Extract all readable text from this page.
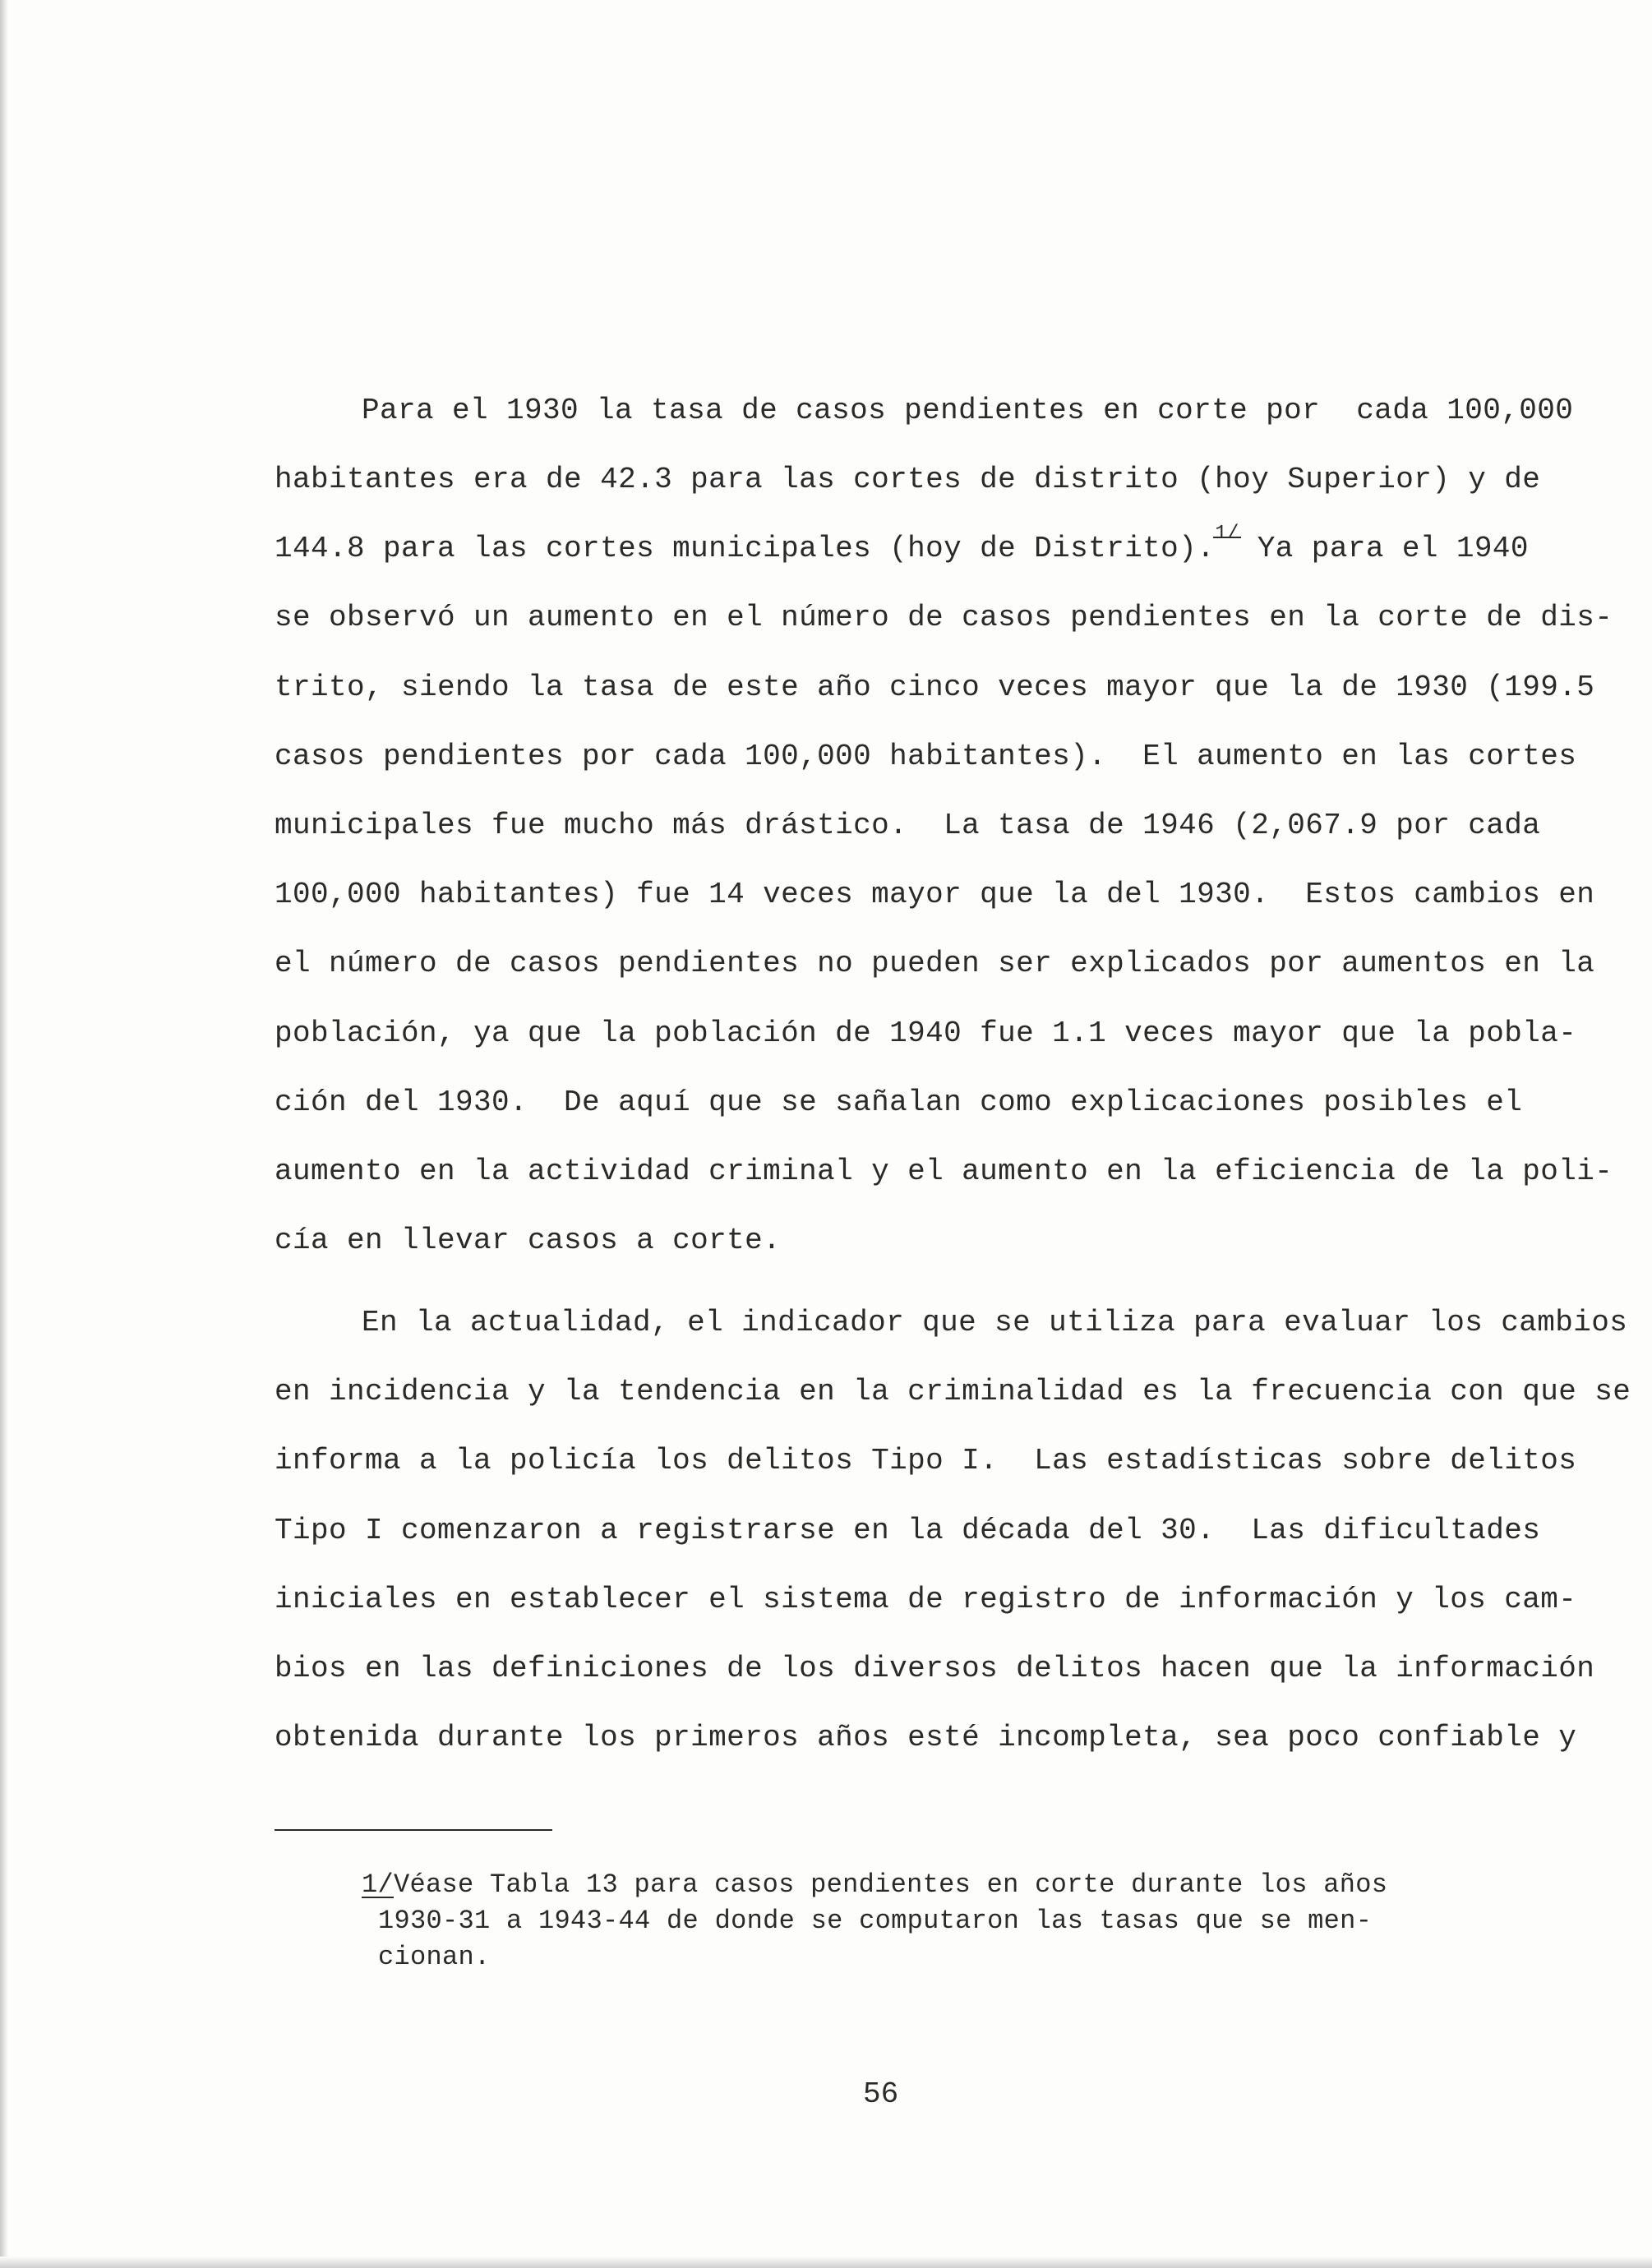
Para el 1930 la tasa de casos pendientes en corte por  cada 100,000
habitantes era de 42.3 para las cortes de distrito (hoy Superior) y de
144.8 para las cortes municipales (hoy de Distrito).$^{1/}$ Ya para el 1940
se observó un aumento en el número de casos pendientes en la corte de dis-
trito, siendo la tasa de este año cinco veces mayor que la de 1930 (199.5
casos pendientes por cada 100,000 habitantes).  El aumento en las cortes
municipales fue mucho más drástico.  La tasa de 1946 (2,067.9 por cada
100,000 habitantes) fue 14 veces mayor que la del 1930.  Estos cambios en
el número de casos pendientes no pueden ser explicados por aumentos en la
población, ya que la población de 1940 fue 1.1 veces mayor que la pobla-
ción del 1930.  De aquí que se sañalan como explicaciones posibles el
aumento en la actividad criminal y el aumento en la eficiencia de la poli-
cía en llevar casos a corte.
En la actualidad, el indicador que se utiliza para evaluar los cambios
en incidencia y la tendencia en la criminalidad es la frecuencia con que se
informa a la policía los delitos Tipo I.  Las estadísticas sobre delitos
Tipo I comenzaron a registrarse en la década del 30.  Las dificultades
iniciales en establecer el sistema de registro de información y los cam-
bios en las definiciones de los diversos delitos hacen que la información
obtenida durante los primeros años esté incompleta, sea poco confiable y
1/Véase Tabla 13 para casos pendientes en corte durante los años
1930-31 a 1943-44 de donde se computaron las tasas que se men-
cionan.
56
